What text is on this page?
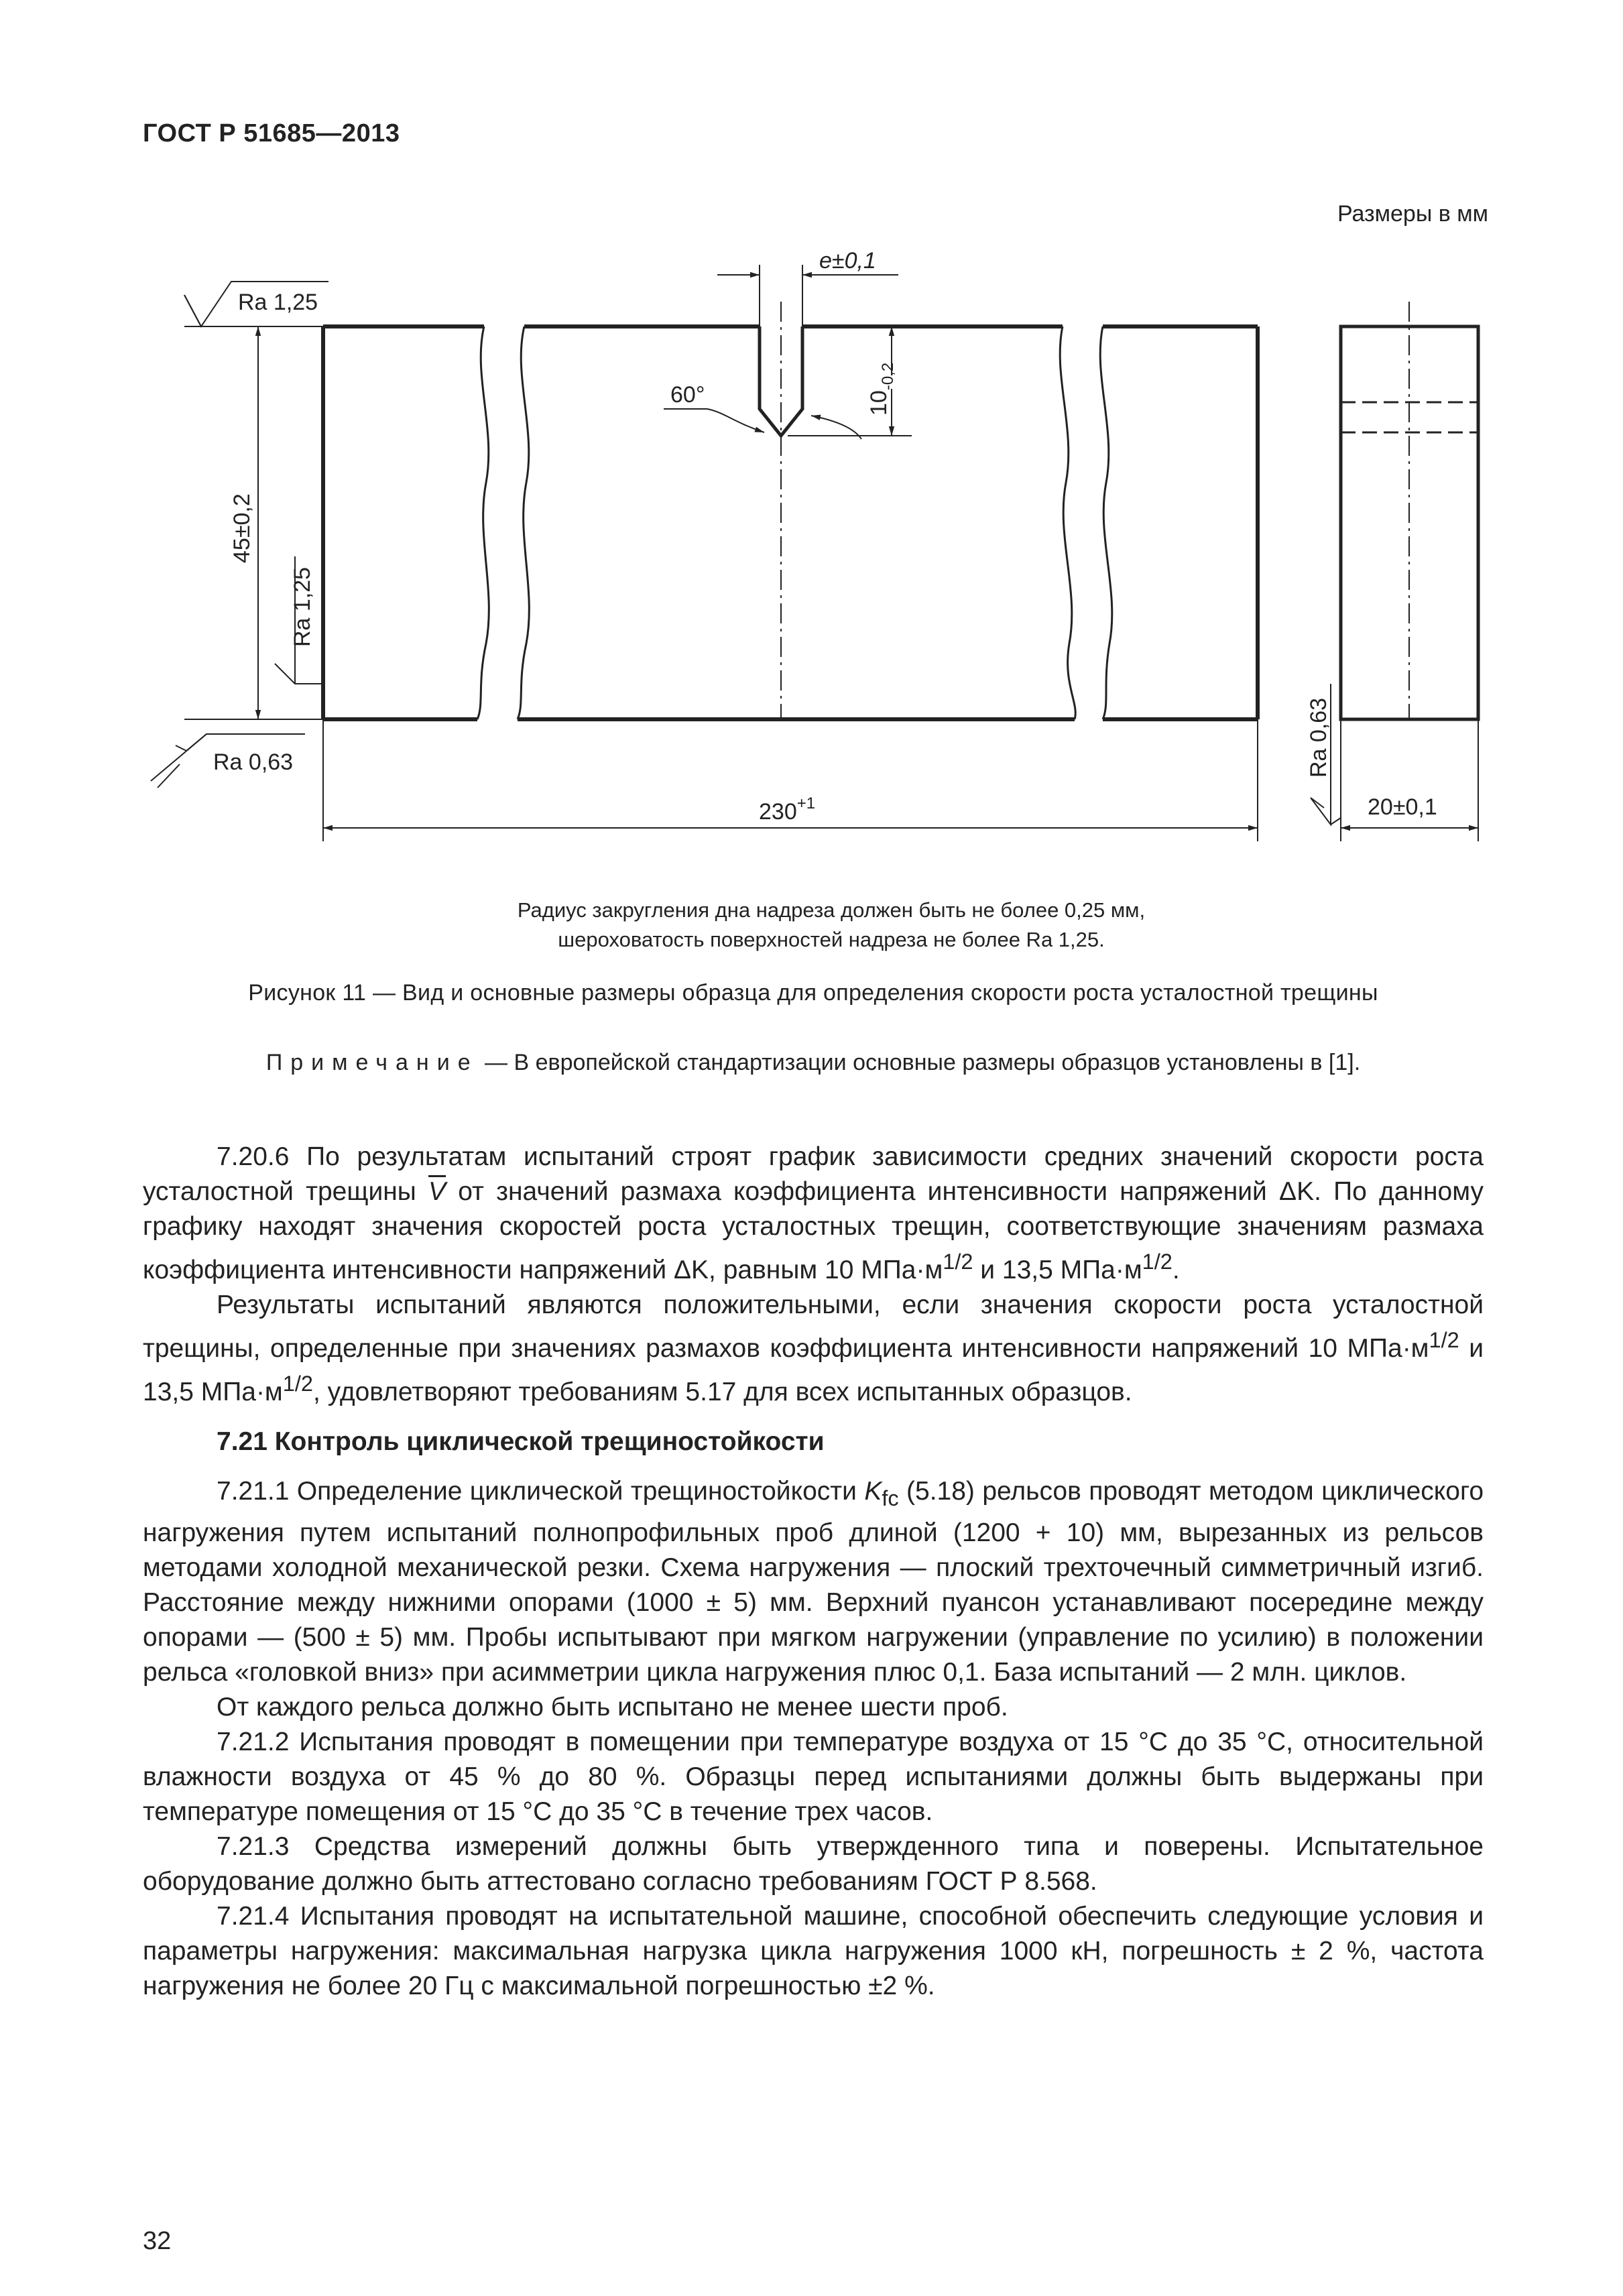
ГОСТ Р 51685—2013
Размеры в мм
e±0,1
$10_{-0,2}$
60°
Ra 1,25
45±0,2
Ra 1,25
Ra 0,63
$230^{+1}$
Ra 0,63
20±0,1
Радиус закругления дна надреза должен быть не более 0,25 мм,
шероховатость поверхностей надреза не более Ra 1,25.
Рисунок 11 — Вид и основные размеры образца для определения скорости роста усталостной трещины
Примечание — В европейской стандартизации основные размеры образцов установлены в [1].

7.20.6 По результатам испытаний строят график зависимости средних значений скорости роста усталостной трещины $\overline{V}$ от значений размаха коэффициента интенсивности напряжений ΔK. По данному графику находят значения скоростей роста усталостных трещин, соответствующие значениям размаха коэффициента интенсивности напряжений ΔK, равным 10 $МПа\cdot м^{1/2}$ и 13,5 $МПа\cdot м^{1/2}$.

Результаты испытаний являются положительными, если значения скорости роста усталостной трещины, определенные при значениях размахов коэффициента интенсивности напряжений 10 $МПа\cdot м^{1/2}$ и 13,5 $МПа\cdot м^{1/2}$, удовлетворяют требованиям 5.17 для всех испытанных образцов.

7.21 Контроль циклической трещиностойкости

7.21.1 Определение циклической трещиностойкости $K_{fc}$ (5.18) рельсов проводят методом циклического нагружения путем испытаний полнопрофильных проб длиной (1200 + 10) мм, вырезанных из рельсов методами холодной механической резки. Схема нагружения — плоский трехточечный симметричный изгиб. Расстояние между нижними опорами (1000 ± 5) мм. Верхний пуансон устанавливают посередине между опорами — (500 ± 5) мм. Пробы испытывают при мягком нагружении (управление по усилию) в положении рельса «головкой вниз» при асимметрии цикла нагружения плюс 0,1. База испытаний — 2 млн. циклов.

От каждого рельса должно быть испытано не менее шести проб.

7.21.2 Испытания проводят в помещении при температуре воздуха от 15 °С до 35 °С, относительной влажности воздуха от 45 % до 80 %. Образцы перед испытаниями должны быть выдержаны при температуре помещения от 15 °С до 35 °С в течение трех часов.

7.21.3 Средства измерений должны быть утвержденного типа и поверены. Испытательное оборудование должно быть аттестовано согласно требованиям ГОСТ Р 8.568.

7.21.4 Испытания проводят на испытательной машине, способной обеспечить следующие условия и параметры нагружения: максимальная нагрузка цикла нагружения 1000 кН, погрешность ± 2 %, частота нагружения не более 20 Гц с максимальной погрешностью ±2 %.

32
